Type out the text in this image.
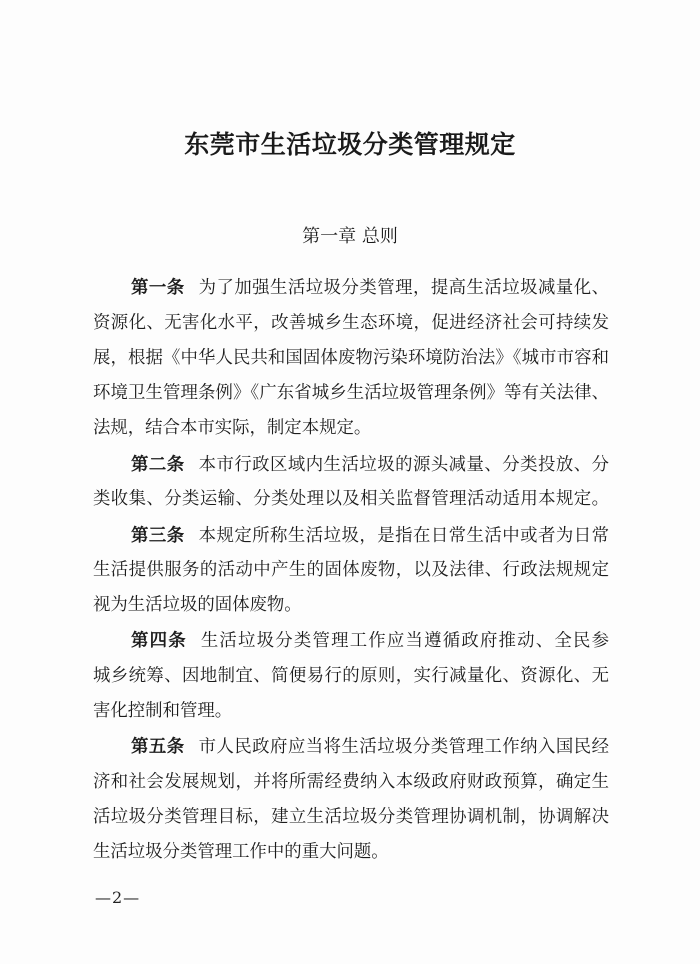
东莞市生活垃圾分类管理规定
第一章 总则
第一条 为了加强生活垃圾分类管理，提高生活垃圾减量化、
资源化、无害化水平，改善城乡生态环境，促进经济社会可持续发
展，根据《中华人民共和国固体废物污染环境防治法》《城市市容和
环境卫生管理条例》《广东省城乡生活垃圾管理条例》等有关法律、
法规，结合本市实际，制定本规定。
第二条 本市行政区域内生活垃圾的源头减量、分类投放、分
类收集、分类运输、分类处理以及相关监督管理活动适用本规定。
第三条 本规定所称生活垃圾，是指在日常生活中或者为日常
生活提供服务的活动中产生的固体废物，以及法律、行政法规规定
视为生活垃圾的固体废物。
第四条 生活垃圾分类管理工作应当遵循政府推动、全民参
城乡统筹、因地制宜、简便易行的原则，实行减量化、资源化、无
害化控制和管理。
第五条 市人民政府应当将生活垃圾分类管理工作纳入国民经
济和社会发展规划，并将所需经费纳入本级政府财政预算，确定生
活垃圾分类管理目标，建立生活垃圾分类管理协调机制，协调解决
生活垃圾分类管理工作中的重大问题。
—2—
